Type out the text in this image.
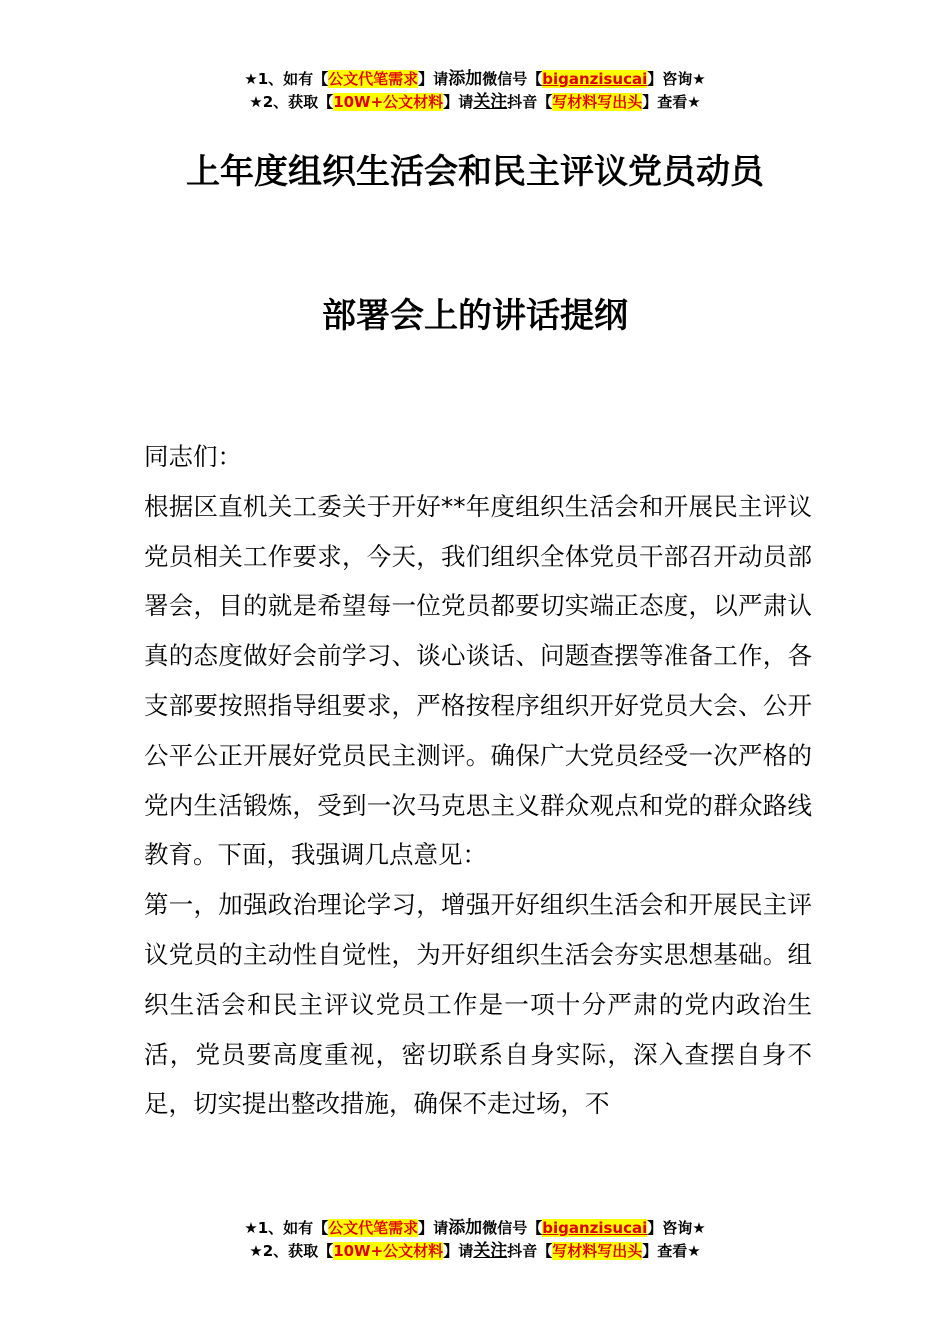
★1、如有【公文代笔需求】请添加微信号【biganzisucai】咨询★
★2、获取【10W+公文材料】请关注抖音【写材料写出头】查看★
上年度组织生活会和民主评议党员动员
部署会上的讲话提纲

同志们：

根据区直机关工委关于开好**年度组织生活会和开展民主评议党员相关工作要求，今天，我们组织全体党员干部召开动员部署会，目的就是希望每一位党员都要切实端正态度，以严肃认真的态度做好会前学习、谈心谈话、问题查摆等准备工作，各支部要按照指导组要求，严格按程序组织开好党员大会、公开公平公正开展好党员民主测评。确保广大党员经受一次严格的党内生活锻炼，受到一次马克思主义群众观点和党的群众路线教育。下面，我强调几点意见：

第一，加强政治理论学习，增强开好组织生活会和开展民主评议党员的主动性自觉性，为开好组织生活会夯实思想基础。组织生活会和民主评议党员工作是一项十分严肃的党内政治生活，党员要高度重视，密切联系自身实际，深入查摆自身不足，切实提出整改措施，确保不走过场，不

★1、如有【公文代笔需求】请添加微信号【biganzisucai】咨询★
★2、获取【10W+公文材料】请关注抖音【写材料写出头】查看★
